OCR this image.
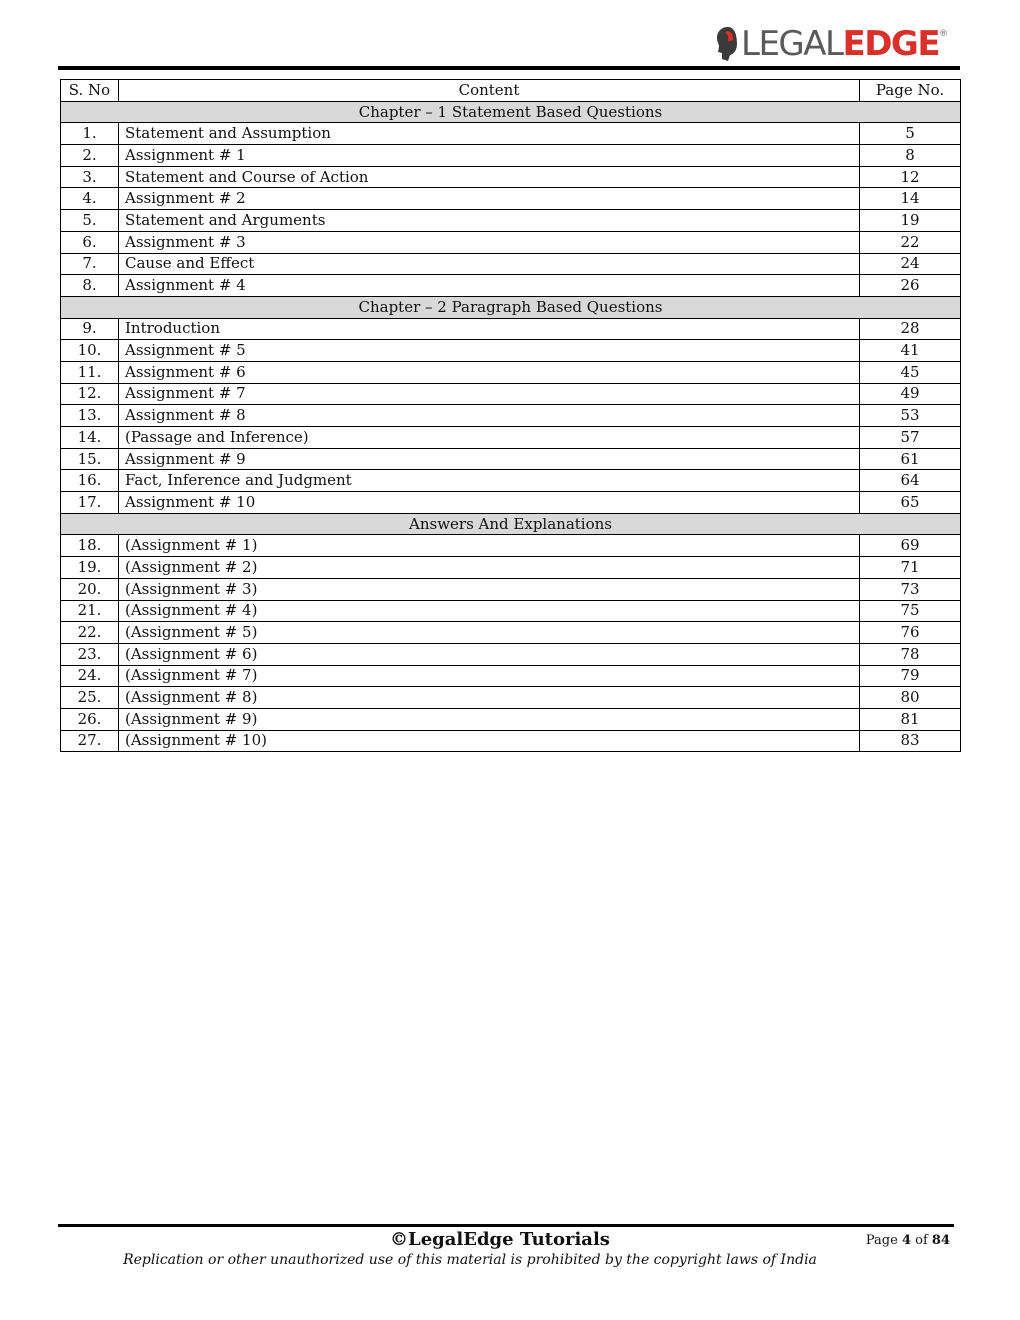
LEGALEDGE®
S. No	Content	Page No.
Chapter – 1 Statement Based Questions		
1.	Statement and Assumption	5
2.	Assignment # 1	8
3.	Statement and Course of Action	12
4.	Assignment # 2	14
5.	Statement and Arguments	19
6.	Assignment # 3	22
7.	Cause and Effect	24
8.	Assignment # 4	26
Chapter – 2 Paragraph Based Questions		
9.	Introduction	28
10.	Assignment # 5	41
11.	Assignment # 6	45
12.	Assignment # 7	49
13.	Assignment # 8	53
14.	(Passage and Inference)	57
15.	Assignment # 9	61
16.	Fact, Inference and Judgment	64
17.	Assignment # 10	65
Answers And Explanations		
18.	(Assignment # 1)	69
19.	(Assignment # 2)	71
20.	(Assignment # 3)	73
21.	(Assignment # 4)	75
22.	(Assignment # 5)	76
23.	(Assignment # 6)	78
24.	(Assignment # 7)	79
25.	(Assignment # 8)	80
26.	(Assignment # 9)	81
27.	(Assignment # 10)	83
©LegalEdge Tutorials	Page 4 of 84
Replication or other unauthorized use of this material is prohibited by the copyright laws of India
